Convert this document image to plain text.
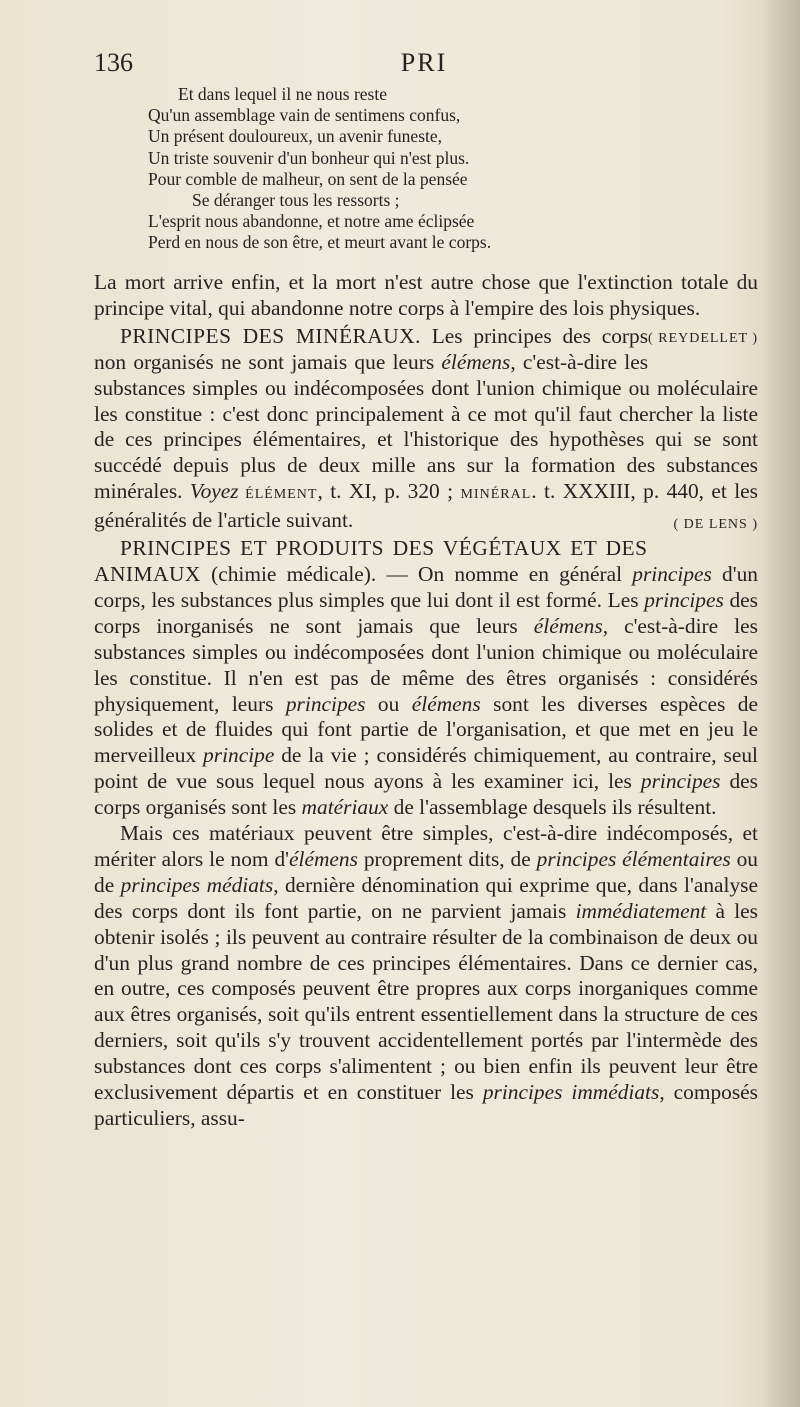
136	PRI
Et dans lequel il ne nous reste
Qu'un assemblage vain de sentimens confus,
Un présent douloureux, un avenir funeste,
Un triste souvenir d'un bonheur qui n'est plus.
Pour comble de malheur, on sent de la pensée
Se déranger tous les ressorts ;
L'esprit nous abandonne, et notre ame éclipsée
Perd en nous de son être, et meurt avant le corps.

La mort arrive enfin, et la mort n'est autre chose que l'extinction totale du principe vital, qui abandonne notre corps à l'empire des lois physiques.
( REYDELLET )

PRINCIPES DES MINÉRAUX. Les principes des corps non organisés ne sont jamais que leurs élémens, c'est-à-dire les substances simples ou indécomposées dont l'union chimique ou moléculaire les constitue : c'est donc principalement à ce mot qu'il faut chercher la liste de ces principes élémentaires, et l'historique des hypothèses qui se sont succédé depuis plus de deux mille ans sur la formation des substances minérales. Voyez ÉLÉMENT, t. XI, p. 320 ; MINÉRAL. t. XXXIII, p. 440, et les généralités de l'article suivant.	( DE LENS )

PRINCIPES ET PRODUITS DES VÉGÉTAUX ET DES ANIMAUX (chimie médicale). — On nomme en général principes d'un corps, les substances plus simples que lui dont il est formé. Les principes des corps inorganisés ne sont jamais que leurs élémens, c'est-à-dire les substances simples ou indécomposées dont l'union chimique ou moléculaire les constitue. Il n'en est pas de même des êtres organisés : considérés physiquement, leurs principes ou élémens sont les diverses espèces de solides et de fluides qui font partie de l'organisation, et que met en jeu le merveilleux principe de la vie ; considérés chimiquement, au contraire, seul point de vue sous lequel nous ayons à les examiner ici, les principes des corps organisés sont les matériaux de l'assemblage desquels ils résultent.

Mais ces matériaux peuvent être simples, c'est-à-dire indécomposés, et mériter alors le nom d'élémens proprement dits, de principes élémentaires ou de principes médiats, dernière dénomination qui exprime que, dans l'analyse des corps dont ils font partie, on ne parvient jamais immédiatement à les obtenir isolés ; ils peuvent au contraire résulter de la combinaison de deux ou d'un plus grand nombre de ces principes élémentaires. Dans ce dernier cas, en outre, ces composés peuvent être propres aux corps inorganiques comme aux êtres organisés, soit qu'ils entrent essentiellement dans la structure de ces derniers, soit qu'ils s'y trouvent accidentellement portés par l'intermède des substances dont ces corps s'alimentent ; ou bien enfin ils peuvent leur être exclusivement départis et en constituer les principes immédiats, composés particuliers, assu-
